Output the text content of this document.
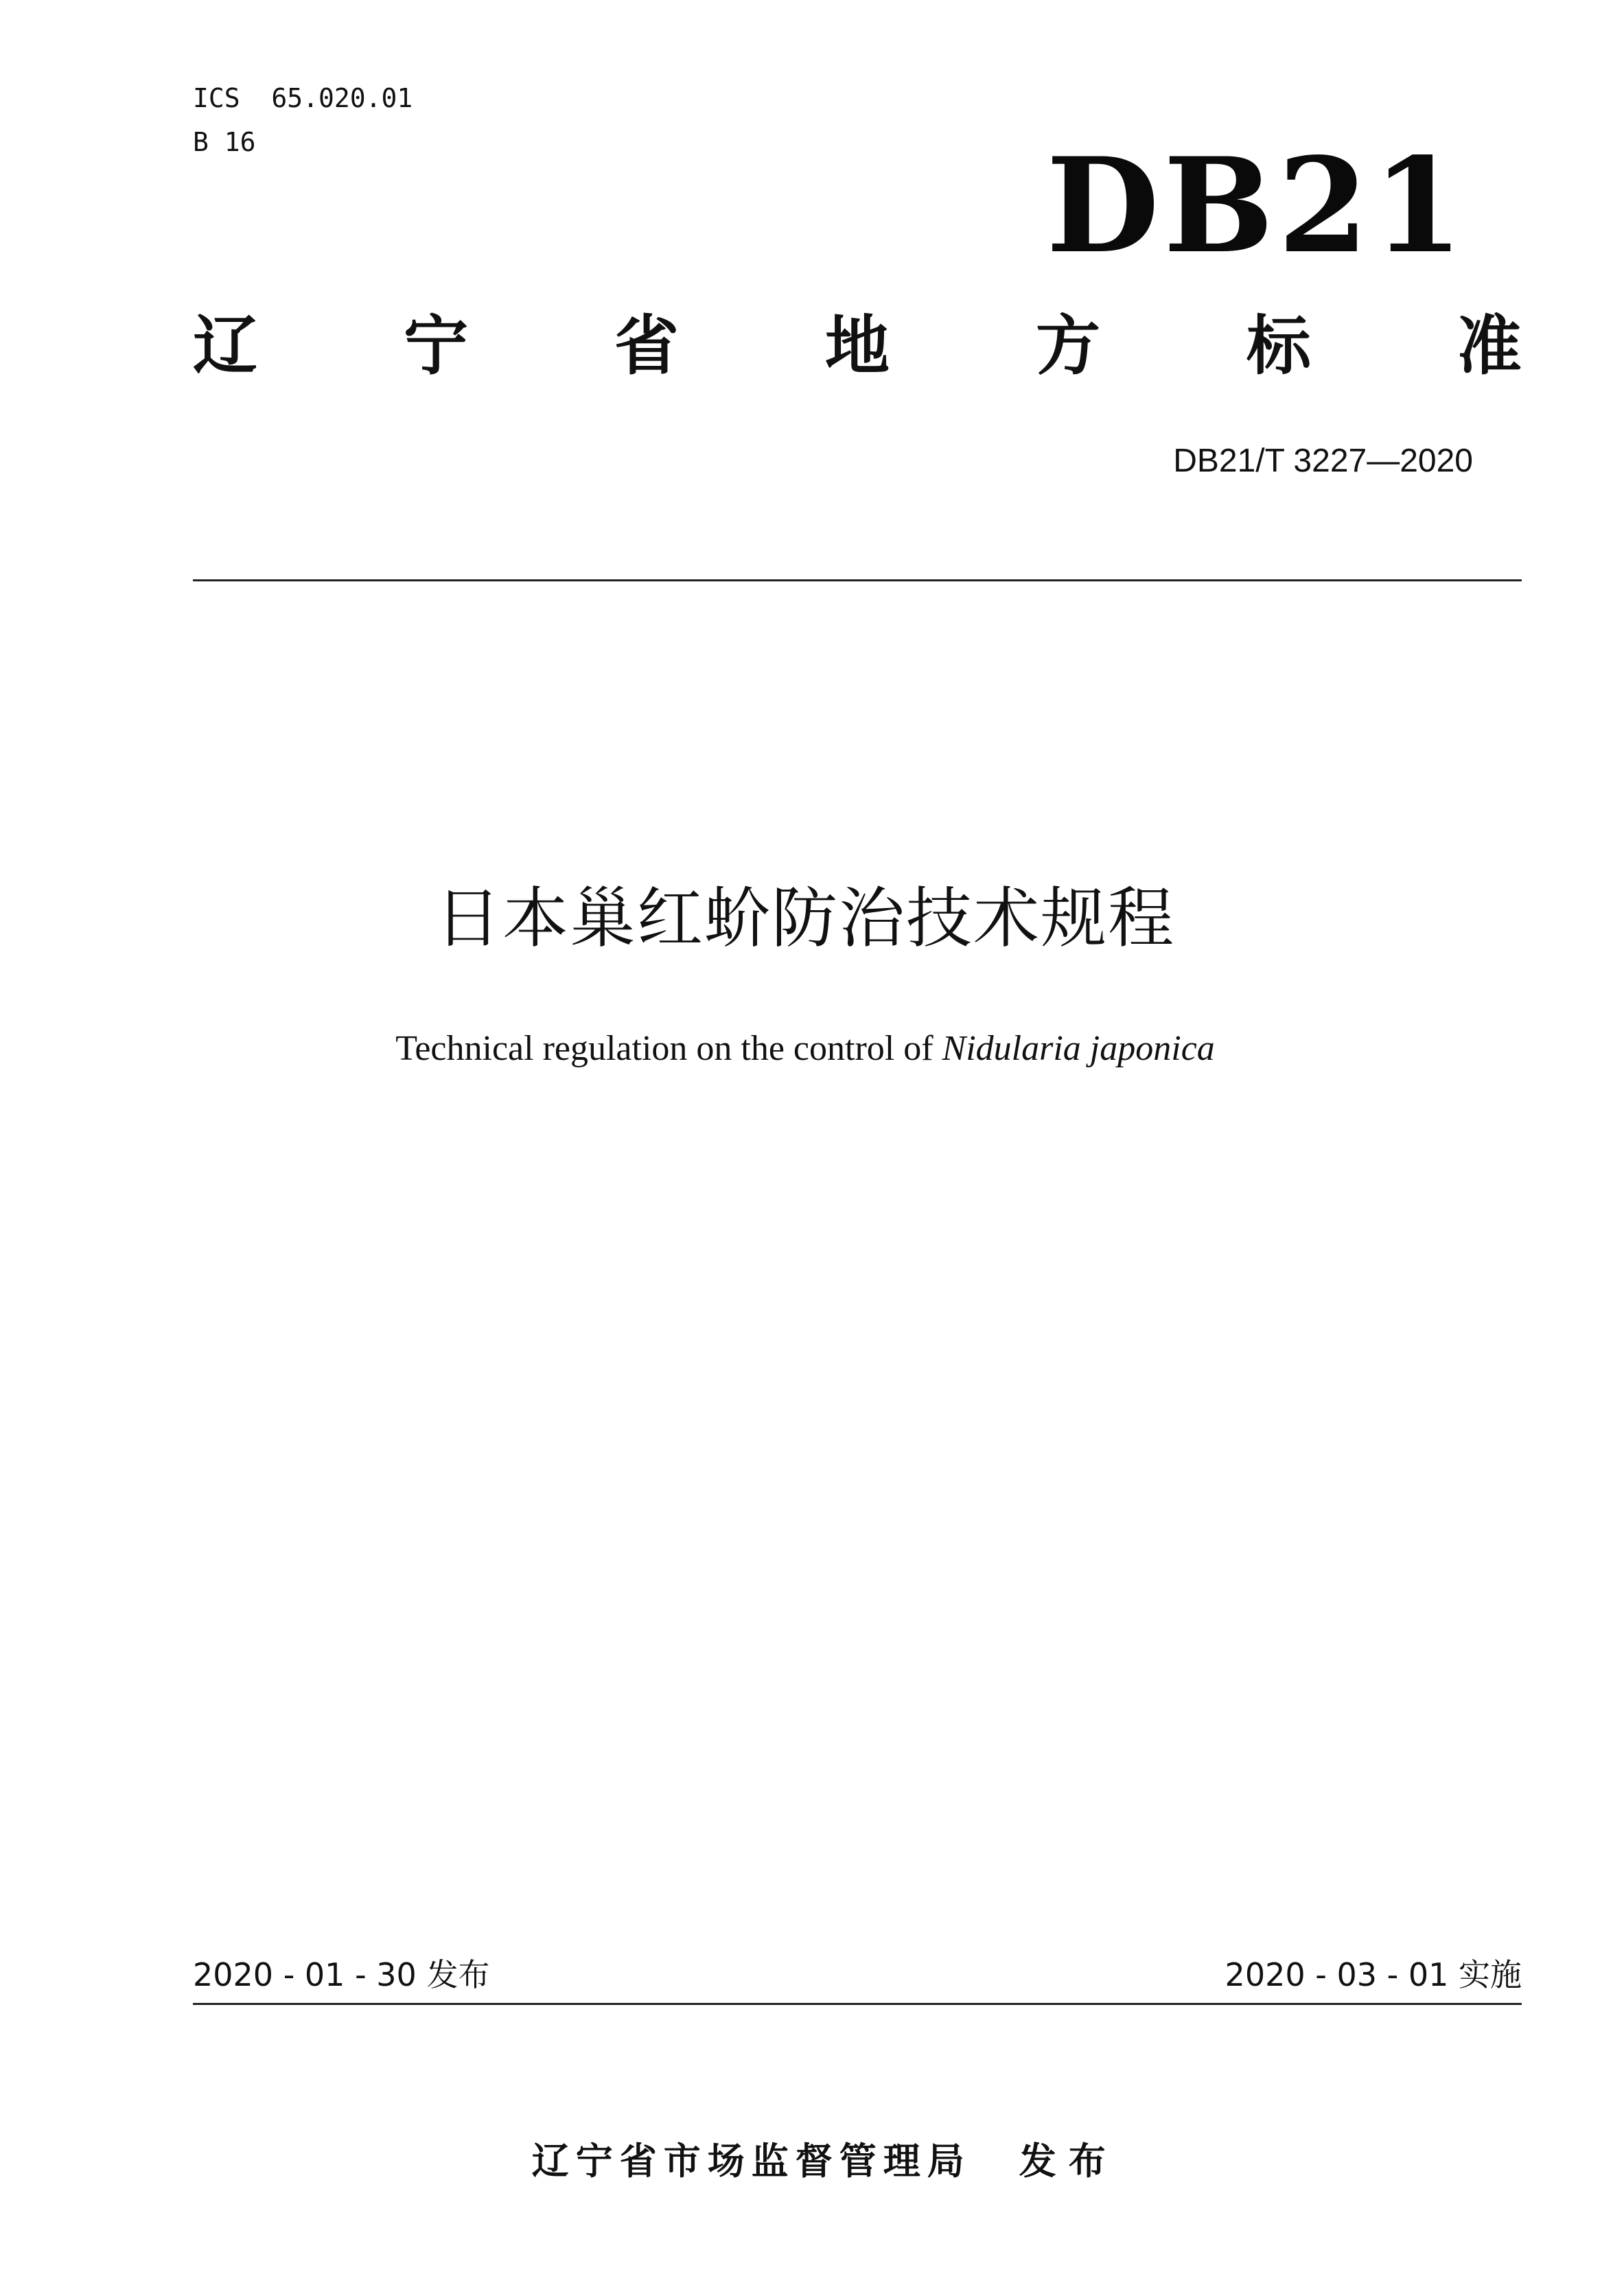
ICS  65.020.01
B 16	DB21
辽 宁 省 地 方 标 准
DB21/T 3227—2020
日本巢红蚧防治技术规程
Technical regulation on the control of Nidularia japonica
2020 - 01 - 30 发布	2020 - 03 - 01 实施

辽宁省市场监督管理局 发布
